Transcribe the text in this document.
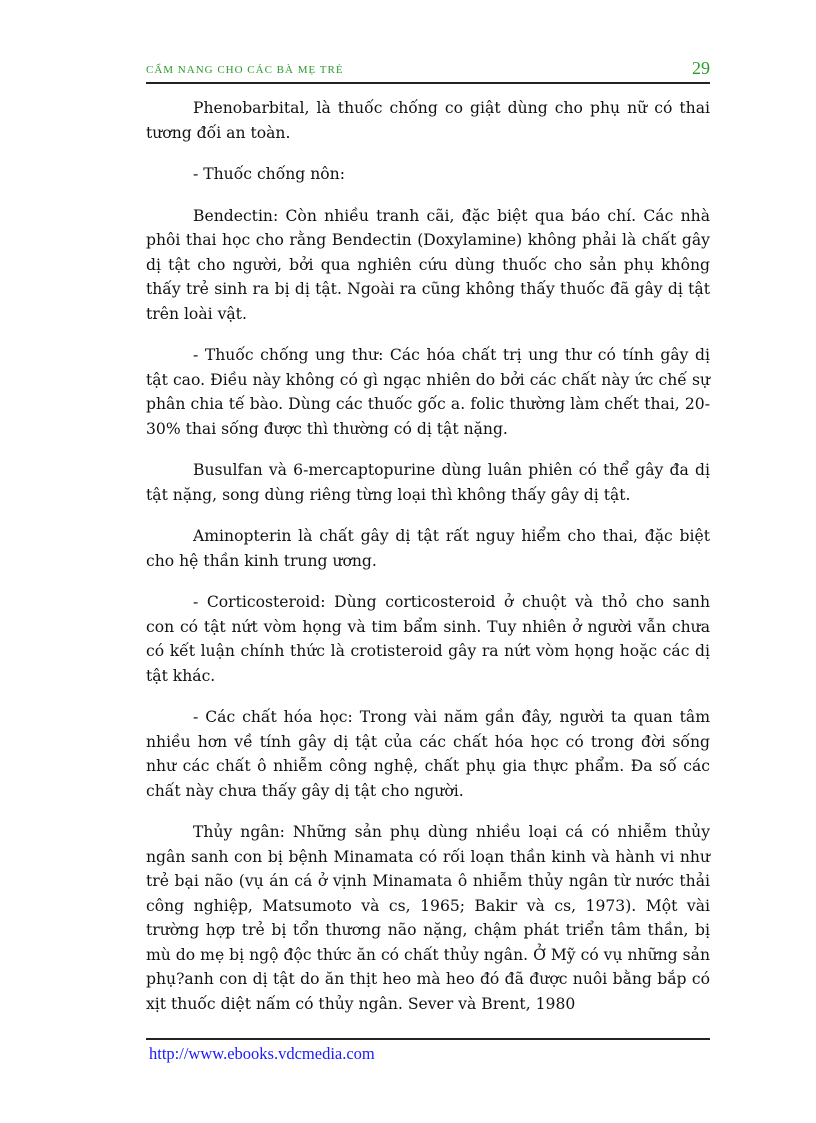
CẨM NANG CHO CÁC BÀ MẸ TRẺ	29

Phenobarbital, là thuốc chống co giật dùng cho phụ nữ có thai tương đối an toàn.

- Thuốc chống nôn:

Bendectin: Còn nhiều tranh cãi, đặc biệt qua báo chí. Các nhà phôi thai học cho rằng Bendectin (Doxylamine) không phải là chất gây dị tật cho người, bởi qua nghiên cứu dùng thuốc cho sản phụ không thấy trẻ sinh ra bị dị tật. Ngoài ra cũng không thấy thuốc đã gây dị tật trên loài vật.

- Thuốc chống ung thư: Các hóa chất trị ung thư có tính gây dị tật cao. Điều này không có gì ngạc nhiên do bởi các chất này ức chế sự phân chia tế bào. Dùng các thuốc gốc a. folic thường làm chết thai, 20-30% thai sống được thì thường có dị tật nặng.

Busulfan và 6-mercaptopurine dùng luân phiên có thể gây đa dị tật nặng, song dùng riêng từng loại thì không thấy gây dị tật.

Aminopterin là chất gây dị tật rất nguy hiểm cho thai, đặc biệt cho hệ thần kinh trung ương.

- Corticosteroid: Dùng corticosteroid ở chuột và thỏ cho sanh con có tật nứt vòm họng và tim bẩm sinh. Tuy nhiên ở người vẫn chưa có kết luận chính thức là crotisteroid gây ra nứt vòm họng hoặc các dị tật khác.

- Các chất hóa học: Trong vài năm gần đây, người ta quan tâm nhiều hơn về tính gây dị tật của các chất hóa học có trong đời sống như các chất ô nhiễm công nghệ, chất phụ gia thực phẩm. Đa số các chất này chưa thấy gây dị tật cho người.

Thủy ngân: Những sản phụ dùng nhiều loại cá có nhiễm thủy ngân sanh con bị bệnh Minamata có rối loạn thần kinh và hành vi như trẻ bại não (vụ án cá ở vịnh Minamata ô nhiễm thủy ngân từ nước thải công nghiệp, Matsumoto và cs, 1965; Bakir và cs, 1973). Một vài trường hợp trẻ bị tổn thương não nặng, chậm phát triển tâm thần, bị mù do mẹ bị ngộ độc thức ăn có chất thủy ngân. Ở Mỹ có vụ những sản phụ?anh con dị tật do ăn thịt heo mà heo đó đã được nuôi bằng bắp có xịt thuốc diệt nấm có thủy ngân. Sever và Brent, 1980

http://www.ebooks.vdcmedia.com
